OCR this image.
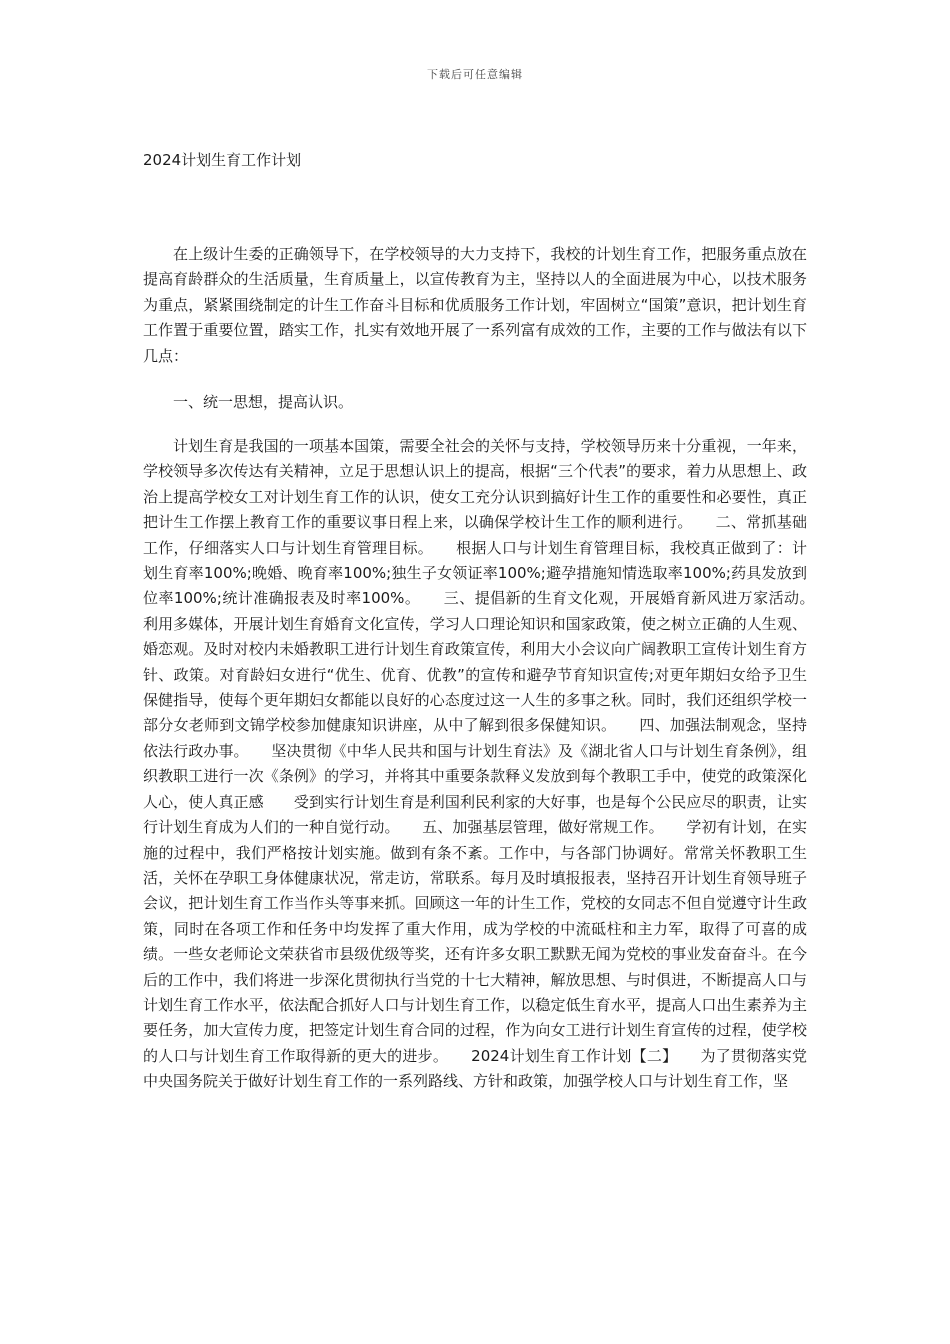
下载后可任意编辑
2024计划生育工作计划

在上级计生委的正确领导下，在学校领导的大力支持下，我校的计划生育工作，把服务重点放在提高育龄群众的生活质量，生育质量上，以宣传教育为主，坚持以人的全面进展为中心，以技术服务为重点，紧紧围绕制定的计生工作奋斗目标和优质服务工作计划，牢固树立“国策”意识，把计划生育工作置于重要位置，踏实工作，扎实有效地开展了一系列富有成效的工作，主要的工作与做法有以下几点：

一、统一思想，提高认识。

计划生育是我国的一项基本国策，需要全社会的关怀与支持，学校领导历来十分重视，一年来，学校领导多次传达有关精神，立足于思想认识上的提高，根据“三个代表”的要求，着力从思想上、政治上提高学校女工对计划生育工作的认识，使女工充分认识到搞好计生工作的重要性和必要性，真正把计生工作摆上教育工作的重要议事日程上来，以确保学校计生工作的顺利进行。　　二、常抓基础工作，仔细落实人口与计划生育管理目标。　　根据人口与计划生育管理目标，我校真正做到了：计划生育率100%;晚婚、晚育率100%;独生子女领证率100%;避孕措施知情选取率100%;药具发放到位率100%;统计准确报表及时率100%。　　三、提倡新的生育文化观，开展婚育新风进万家活动。　　利用多媒体，开展计划生育婚育文化宣传，学习人口理论知识和国家政策，使之树立正确的人生观、婚恋观。及时对校内未婚教职工进行计划生育政策宣传，利用大小会议向广阔教职工宣传计划生育方针、政策。对育龄妇女进行“优生、优育、优教”的宣传和避孕节育知识宣传;对更年期妇女给予卫生保健指导，使每个更年期妇女都能以良好的心态度过这一人生的多事之秋。同时，我们还组织学校一部分女老师到文锦学校参加健康知识讲座，从中了解到很多保健知识。　　四、加强法制观念，坚持依法行政办事。　　坚决贯彻《中华人民共和国与计划生育法》及《湖北省人口与计划生育条例》，组织教职工进行一次《条例》的学习，并将其中重要条款释义发放到每个教职工手中，使党的政策深化人心，使人真正感　　受到实行计划生育是利国利民利家的大好事，也是每个公民应尽的职责，让实行计划生育成为人们的一种自觉行动。　　五、加强基层管理，做好常规工作。　　学初有计划，在实施的过程中，我们严格按计划实施。做到有条不紊。工作中，与各部门协调好。常常关怀教职工生活，关怀在孕职工身体健康状况，常走访，常联系。每月及时填报报表，坚持召开计划生育领导班子会议，把计划生育工作当作头等事来抓。回顾这一年的计生工作，党校的女同志不但自觉遵守计生政策，同时在各项工作和任务中均发挥了重大作用，成为学校的中流砥柱和主力军，取得了可喜的成绩。一些女老师论文荣获省市县级优级等奖，还有许多女职工默默无闻为党校的事业发奋奋斗。在今后的工作中，我们将进一步深化贯彻执行当党的十七大精神，解放思想、与时俱进，不断提高人口与计划生育工作水平，依法配合抓好人口与计划生育工作，以稳定低生育水平，提高人口出生素养为主要任务，加大宣传力度，把签定计划生育合同的过程，作为向女工进行计划生育宣传的过程，使学校的人口与计划生育工作取得新的更大的进步。　　2024计划生育工作计划【二】　　为了贯彻落实党中央国务院关于做好计划生育工作的一系列路线、方针和政策，加强学校人口与计划生育工作，坚
